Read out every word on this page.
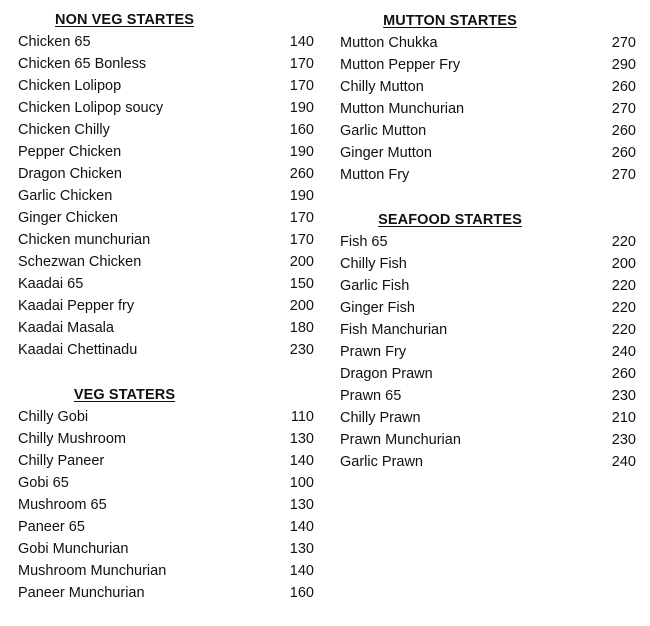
NON VEG STARTES
Chicken 65	140
Chicken 65 Bonless	170
Chicken Lolipop	170
Chicken Lolipop soucy	190
Chicken Chilly	160
Pepper Chicken	190
Dragon Chicken	260
Garlic Chicken	190
Ginger Chicken	170
Chicken munchurian	170
Schezwan Chicken	200
Kaadai 65	150
Kaadai Pepper fry	200
Kaadai Masala	180
Kaadai Chettinadu	230
VEG STATERS
Chilly Gobi	110
Chilly Mushroom	130
Chilly Paneer	140
Gobi 65	100
Mushroom 65	130
Paneer 65	140
Gobi Munchurian	130
Mushroom Munchurian	140
Paneer Munchurian	160
MUTTON STARTES
Mutton Chukka	270
Mutton Pepper Fry	290
Chilly Mutton	260
Mutton Munchurian	270
Garlic Mutton	260
Ginger Mutton	260
Mutton Fry	270
SEAFOOD STARTES
Fish 65	220
Chilly Fish	200
Garlic Fish	220
Ginger Fish	220
Fish Manchurian	220
Prawn Fry	240
Dragon Prawn	260
Prawn 65	230
Chilly Prawn	210
Prawn Munchurian	230
Garlic Prawn	240
